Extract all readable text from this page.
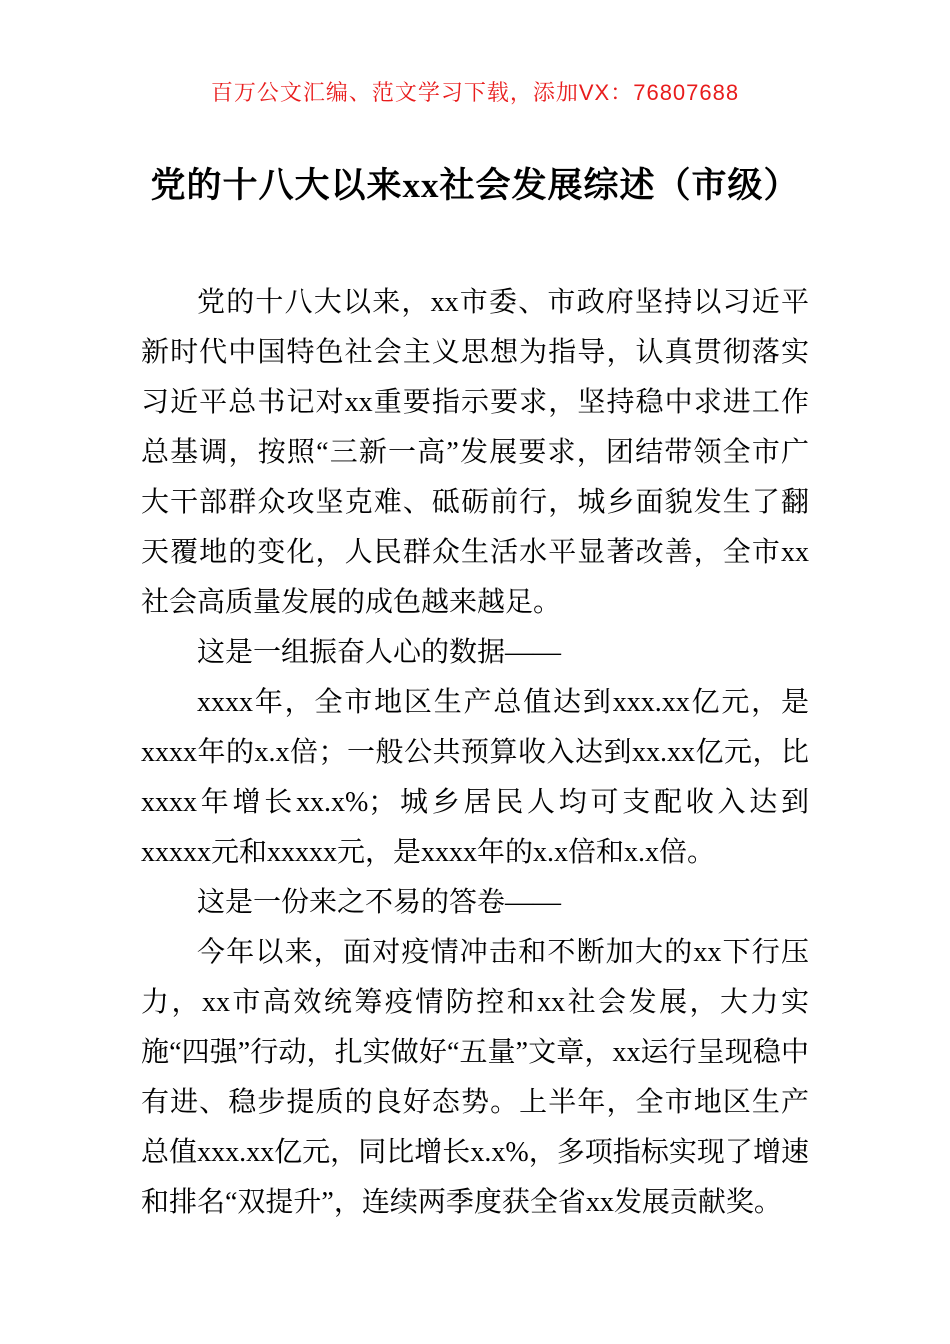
百万公文汇编、范文学习下载，添加VX：76807688
党的十八大以来xx社会发展综述（市级）

党的十八大以来，xx市委、市政府坚持以习近平新时代中国特色社会主义思想为指导，认真贯彻落实习近平总书记对xx重要指示要求，坚持稳中求进工作总基调，按照“三新一高”发展要求，团结带领全市广大干部群众攻坚克难、砥砺前行，城乡面貌发生了翻天覆地的变化，人民群众生活水平显著改善，全市xx社会高质量发展的成色越来越足。

这是一组振奋人心的数据——

xxxx年，全市地区生产总值达到xxx.xx亿元，是xxxx年的x.x倍；一般公共预算收入达到xx.xx亿元，比xxxx年增长xx.x%；城乡居民人均可支配收入达到xxxxx元和xxxxx元，是xxxx年的x.x倍和x.x倍。

这是一份来之不易的答卷——

今年以来，面对疫情冲击和不断加大的xx下行压力，xx市高效统筹疫情防控和xx社会发展，大力实施“四强”行动，扎实做好“五量”文章，xx运行呈现稳中有进、稳步提质的良好态势。上半年，全市地区生产总值xxx.xx亿元，同比增长x.x%，多项指标实现了增速和排名“双提升”，连续两季度获全省xx发展贡献奖。
